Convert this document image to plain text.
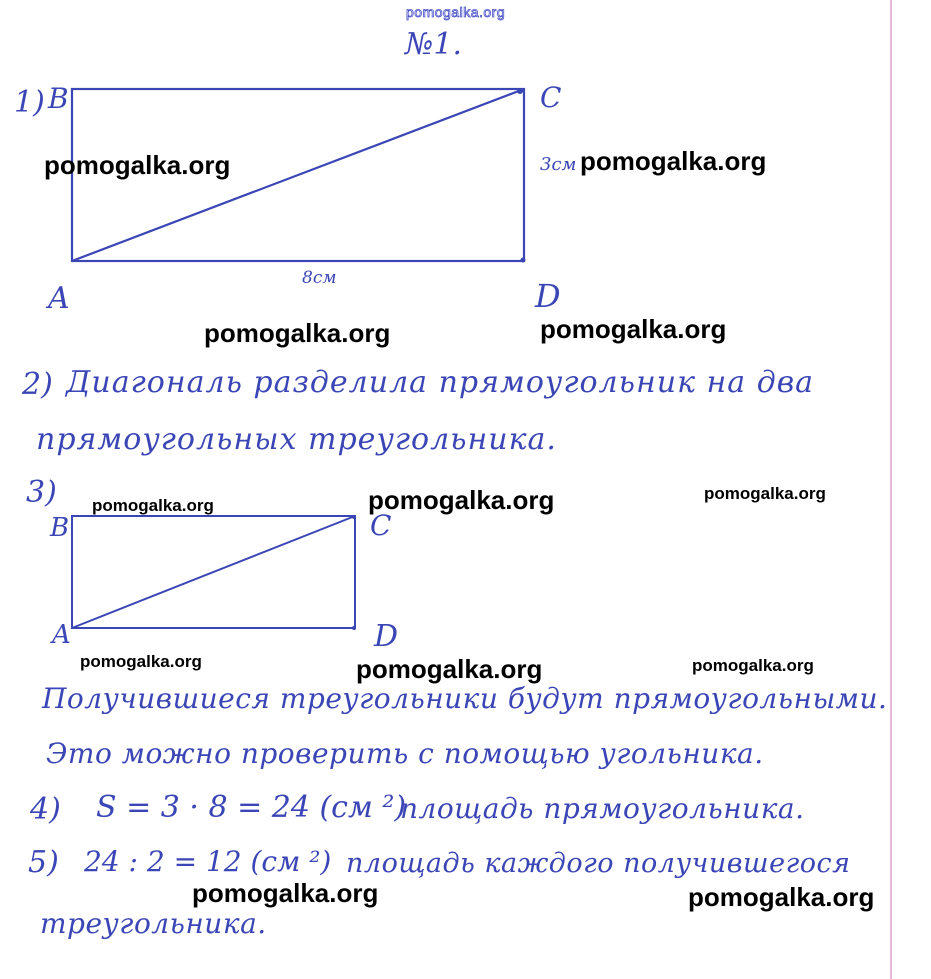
pomogalka.org
№1.
1) B	C
A	D
3см
8см
2) Диагональ разделила прямоугольник на два
прямоугольных треугольника.
3)
B	C
A	D
Получившиеся треугольники будут прямоугольными.
Это можно проверить с помощью угольника.
4) S = 3 · 8 = 24 (см ²)
площадь прямоугольника.
5) 24 : 2 = 12 (см ²) площадь каждого получившегося
треугольника.
pomogalka.org	pomogalka.org
pomogalka.org	pomogalka.org
pomogalka.org	pomogalka.org	pomogalka.org
pomogalka.org	pomogalka.org	pomogalka.org
pomogalka.org	pomogalka.org
